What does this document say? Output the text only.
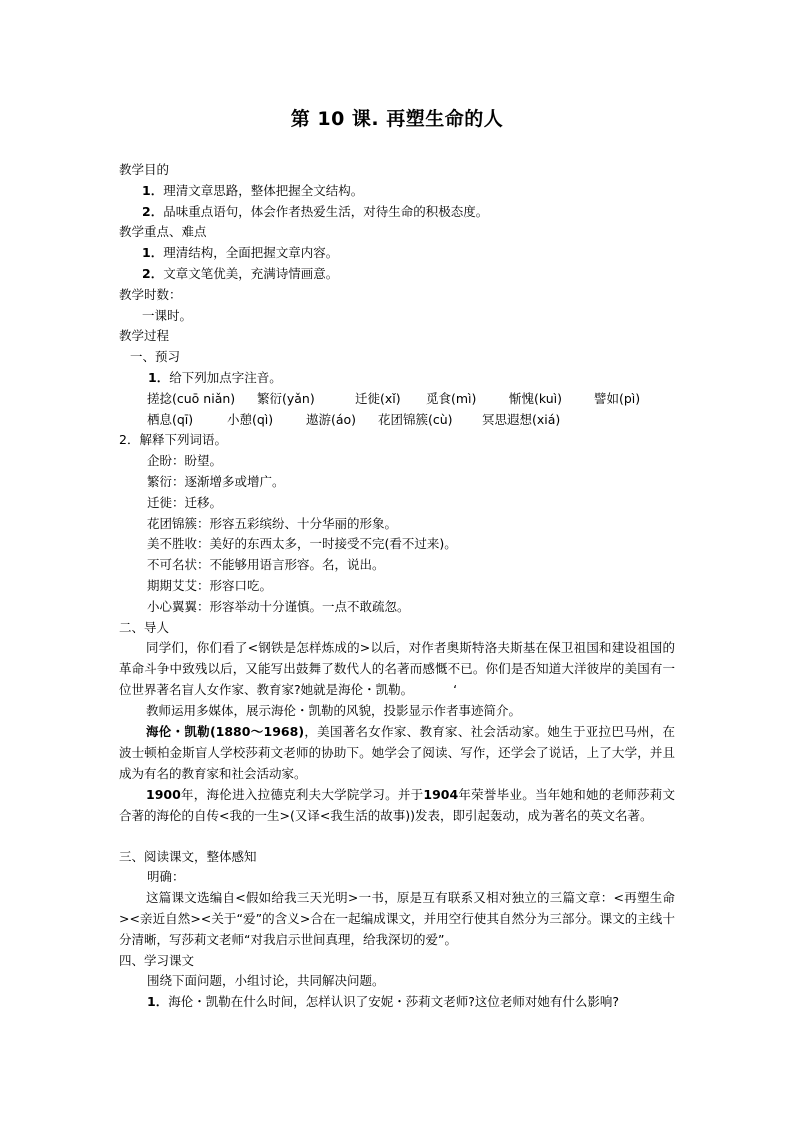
第 10 课. 再塑生命的人
教学目的
1．理清文章思路，整体把握全文结构。
2．品味重点语句，体会作者热爱生活，对待生命的积极态度。
教学重点、难点
1．理清结构，全面把握文章内容。
2．文章文笔优美，充满诗情画意。
教学时数：
一课时。
教学过程
一、预习
1．给下列加点字注音。
搓捻(cuō niǎn) 繁衍(yǎn)	迁徙(xǐ) 觅食(mì)	惭愧(kuì)	譬如(pì)
栖息(qī)	小憩(qì)	遨游(áo) 花团锦簇(cù) 冥思遐想(xiá)
2．解释下列词语。
企盼：盼望。
繁衍：逐渐增多或增广。
迁徙：迁移。
花团锦簇：形容五彩缤纷、十分华丽的形象。
美不胜收：美好的东西太多，一时接受不完(看不过来)。
不可名状：不能够用语言形容。名，说出。
期期艾艾：形容口吃。
小心翼翼：形容举动十分谨慎。一点不敢疏忽。
二、导人

同学们，你们看了<钢铁是怎样炼成的>以后，对作者奥斯特洛夫斯基在保卫祖国和建设祖国的革命斗争中致残以后，又能写出鼓舞了数代人的名著而感慨不已。你们是否知道大洋彼岸的美国有一位世界著名盲人女作家、教育家?她就是海伦・凯勒。	‘

教师运用多媒体，展示海伦・凯勒的风貌，投影显示作者事迹简介。

海伦・凯勒(1880～1968)，美国著名女作家、教育家、社会活动家。她生于亚拉巴马州，在波士顿柏金斯盲人学校莎莉文老师的协助下。她学会了阅读、写作，还学会了说话，上了大学，并且成为有名的教育家和社会活动家。

1900年，海伦进入拉德克利夫大学院学习。并于1904年荣誉毕业。当年她和她的老师莎莉文合著的海伦的自传<我的一生>(又译<我生活的故事))发表，即引起轰动，成为著名的英文名著。

三、阅读课文，整体感知
明确：

这篇课文选编自<假如给我三天光明>一书，原是互有联系又相对独立的三篇文章：<再塑生命><亲近自然><关于“爱”的含义>合在一起编成课文，并用空行使其自然分为三部分。课文的主线十分清晰，写莎莉文老师“对我启示世间真理，给我深切的爱”。

四、学习课文
围绕下面问题，小组讨论，共同解决问题。
1．海伦・凯勒在什么时间，怎样认识了安妮・莎莉文老师?这位老师对她有什么影响?
